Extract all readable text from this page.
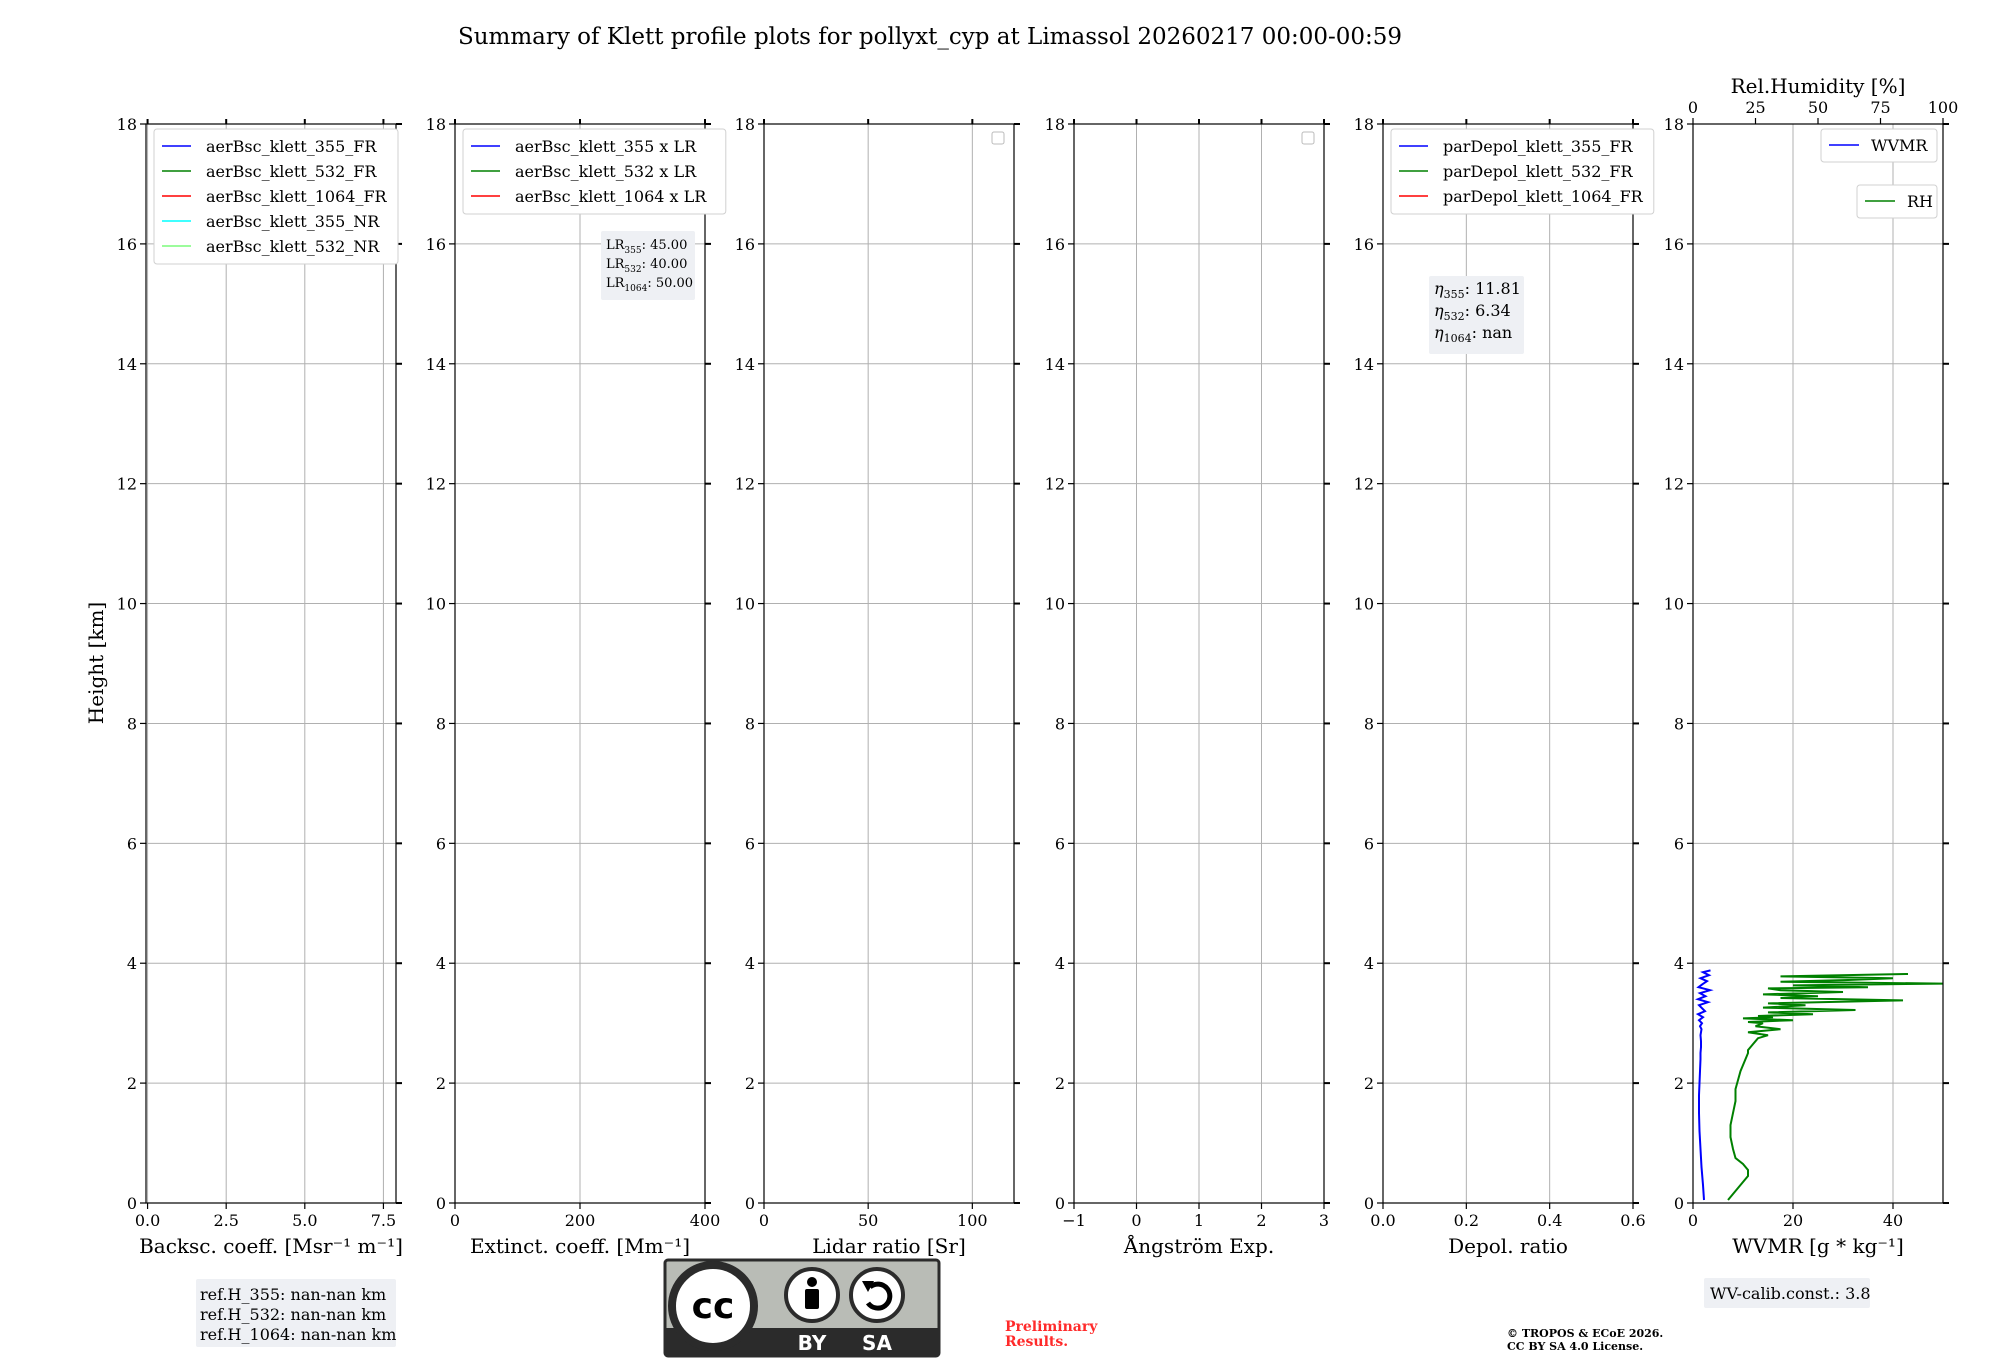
Summary of Klett profile plots for pollyxt_cyp at Limassol 20260217 00:00-00:59
Height [km]
0
2
4
6
8
10
12
14
16
18
0.0	2.5	5.0	7.5
Backsc. coeff. [Msr⁻¹ m⁻¹]
aerBsc_klett_355_FR
aerBsc_klett_532_FR
aerBsc_klett_1064_FR
aerBsc_klett_355_NR
aerBsc_klett_532_NR
0
2
4
6
8
10
12
14
16
18
0	200	400
Extinct. coeff. [Mm⁻¹]
aerBsc_klett_355 x LR
aerBsc_klett_532 x LR
aerBsc_klett_1064 x LR
$LR_{355}$: 45.00
$LR_{532}$: 40.00
$LR_{1064}$: 50.00
0
2
4
6
8
10
12
14
16
18
0	50	100
Lidar ratio [Sr]
0
2
4
6
8
10
12
14
16
18
−1	0	1	2	3
Ångström Exp.
0
2
4
6
8
10
12
14
16
18
0.0	0.2	0.4	0.6
Depol. ratio
parDepol_klett_355_FR
parDepol_klett_532_FR
parDepol_klett_1064_FR
$\eta_{355}$: 11.81
$\eta_{532}$: 6.34
$\eta_{1064}$: nan
0
2
4
6
8
10
12
14
16
18
0	20	40
0	25	50	75 100
Rel.Humidity [%]
WVMR [g * kg⁻¹]
WVMR
RH
ref.H_355: nan-nan km
ref.H_532: nan-nan km
ref.H_1064: nan-nan km
cc
BY SA
Preliminary
Results.
© TROPOS & ECoE 2026.
CC BY SA 4.0 License.
WV-calib.const.: 3.8
